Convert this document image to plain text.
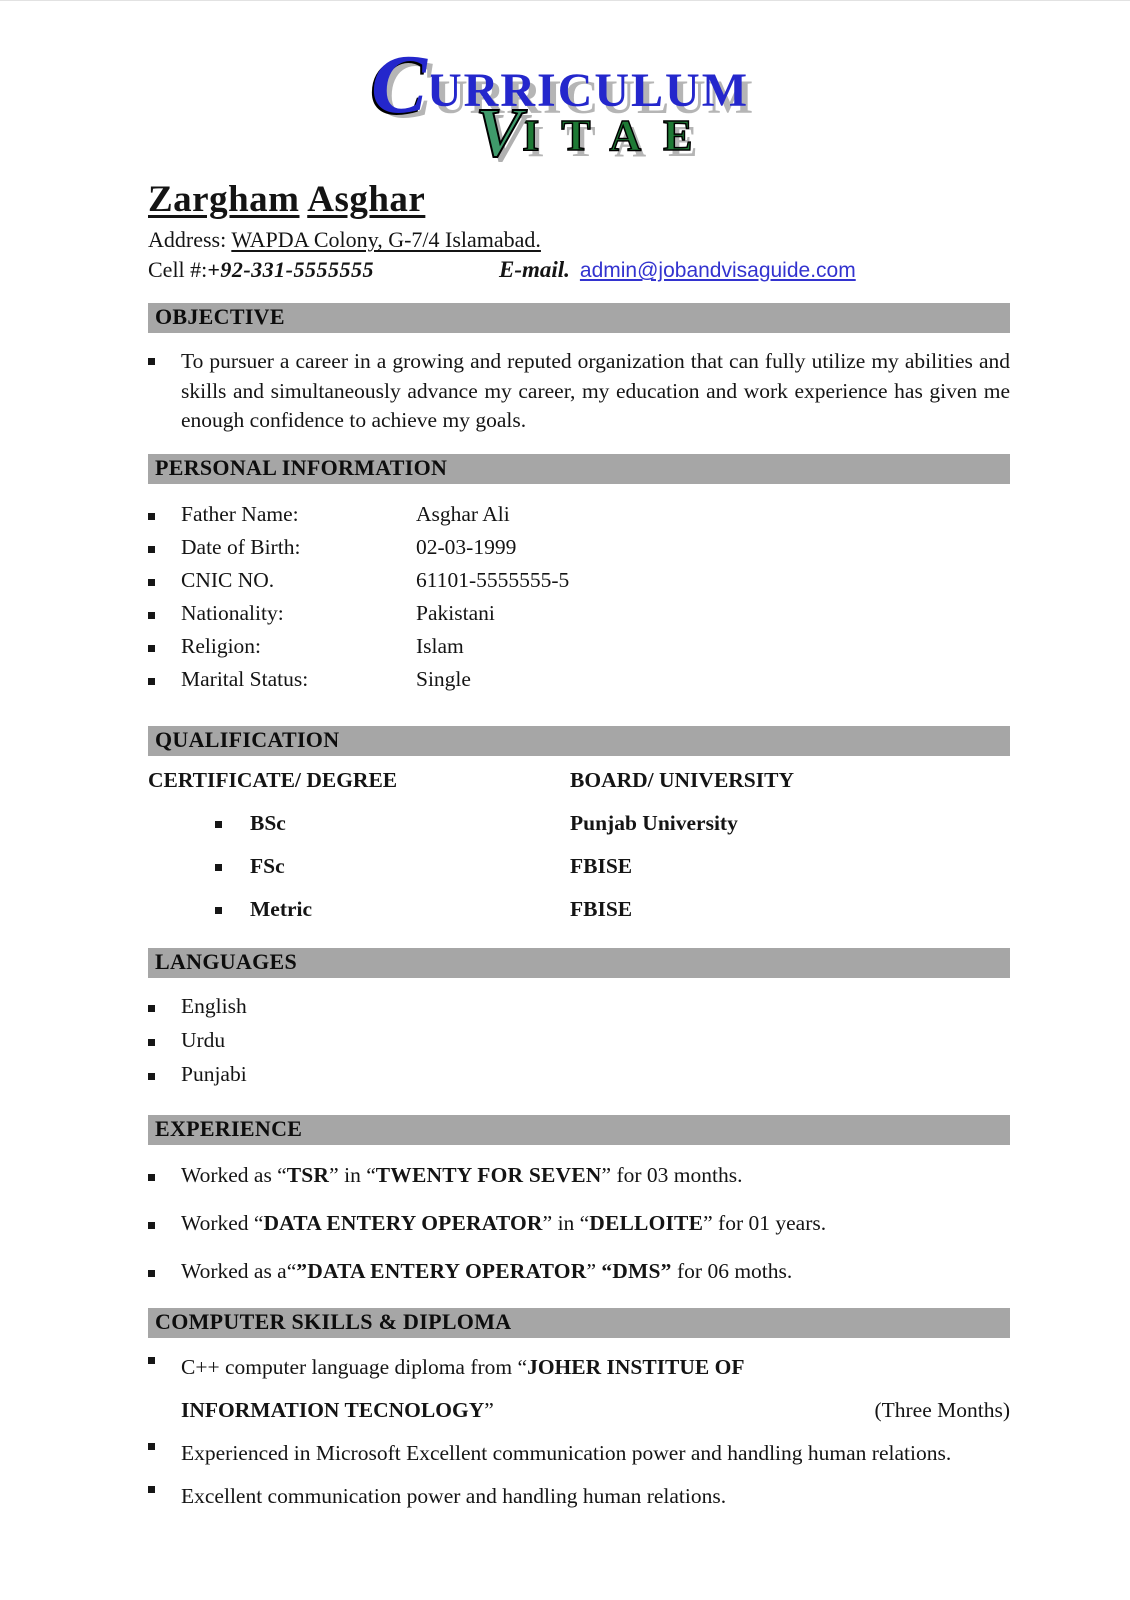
CURRICULUM
VITAE
Zargham Asghar
Address: WAPDA Colony, G-7/4 Islamabad.
Cell #: +92-331-5555555	E-mail. admin@jobandvisaguide.com
OBJECTIVE
To pursuer a career in a growing and reputed organization that can fully utilize my abilities and skills and simultaneously advance my career, my education and work experience has given me enough confidence to achieve my goals.
PERSONAL INFORMATION
Father Name:	Asghar Ali
Date of Birth:	02-03-1999
CNIC NO.	61101-5555555-5
Nationality:	Pakistani
Religion:	Islam
Marital Status:	Single
QUALIFICATION
CERTIFICATE/ DEGREE	BOARD/ UNIVERSITY
BSc	Punjab University
FSc	FBISE
Metric	FBISE
LANGUAGES
English
Urdu
Punjabi
EXPERIENCE
Worked as “TSR” in “TWENTY FOR SEVEN” for 03 months.
Worked “DATA ENTERY OPERATOR” in “DELLOITE” for 01 years.
Worked as a“”DATA ENTERY OPERATOR” “DMS” for 06 moths.
COMPUTER SKILLS & DIPLOMA
C++ computer language diploma from “JOHER INSTITUE OF
INFORMATION TECNOLOGY”	(Three Months)
Experienced in Microsoft Excellent communication power and handling human relations.
Excellent communication power and handling human relations.
